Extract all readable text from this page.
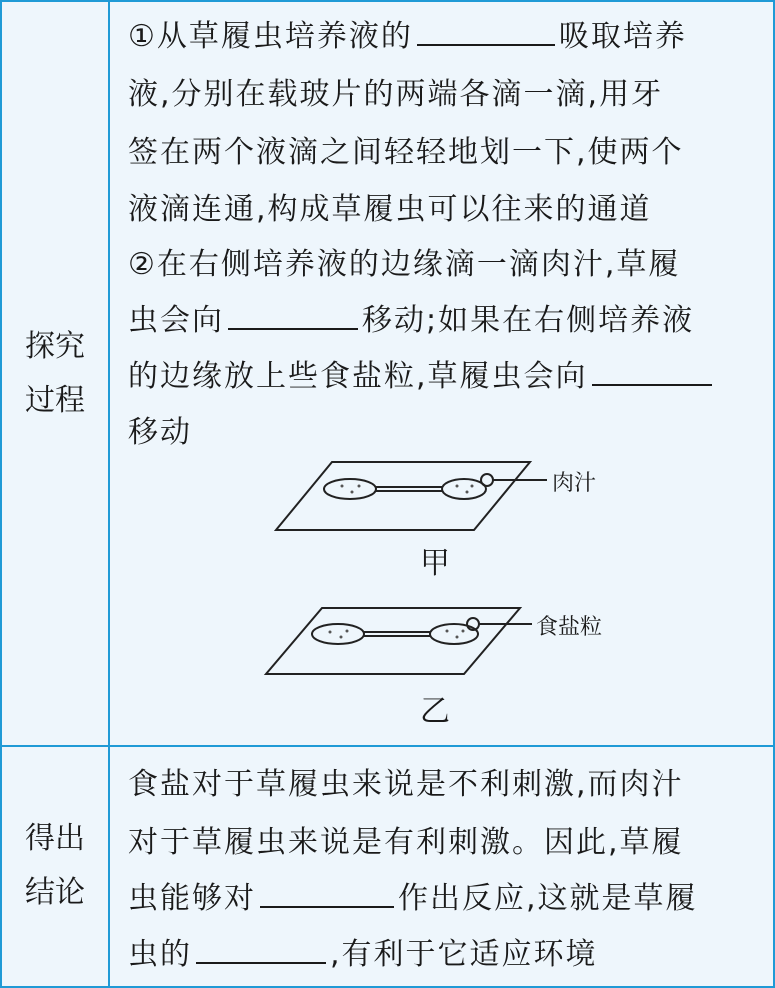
探究
过程
①从草履虫培养液的	吸取培养
液,分别在载玻片的两端各滴一滴,用牙
签在两个液滴之间轻轻地划一下,使两个
液滴连通,构成草履虫可以往来的通道
②在右侧培养液的边缘滴一滴肉汁,草履
虫会向	移动;如果在右侧培养液
的边缘放上些食盐粒,草履虫会向
移动
肉汁
甲
食盐粒
乙
得出
结论
食盐对于草履虫来说是不利刺激,而肉汁
对于草履虫来说是有利刺激。因此,草履
虫能够对	作出反应,这就是草履
虫的	,有利于它适应环境
